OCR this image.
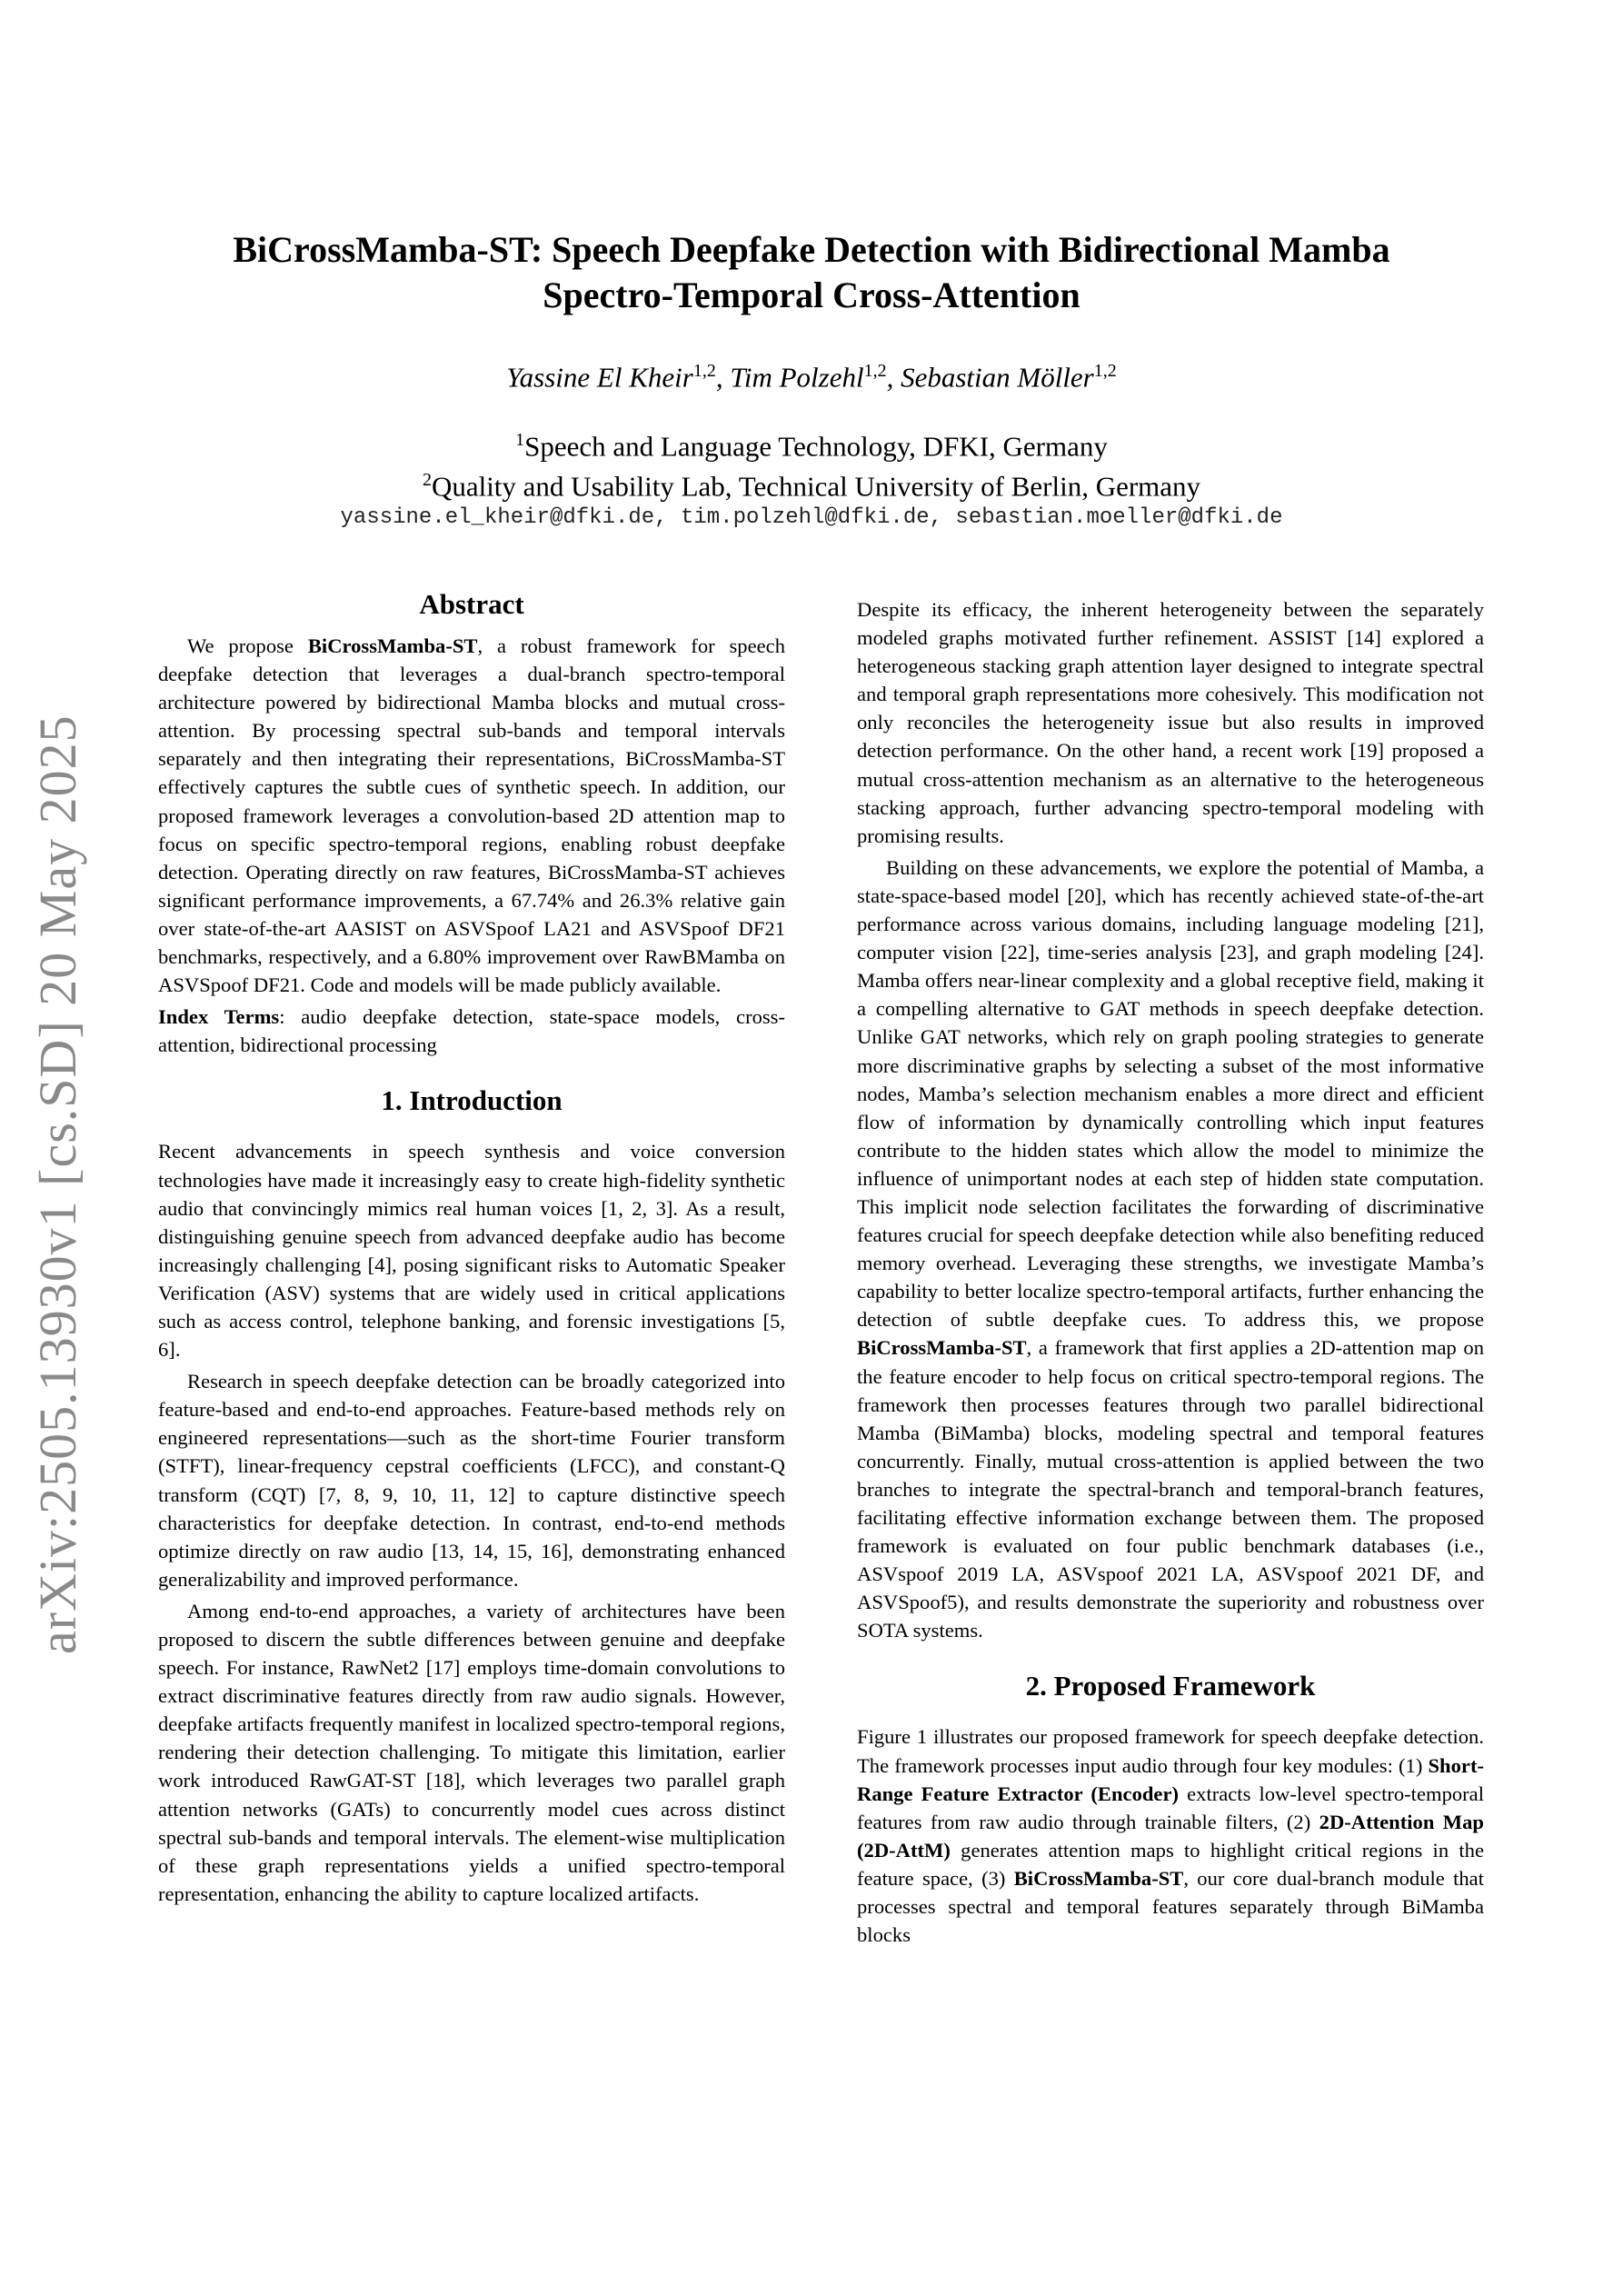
arXiv:2505.13930v1 [cs.SD] 20 May 2025
BiCrossMamba-ST: Speech Deepfake Detection with Bidirectional Mamba
Spectro-Temporal Cross-Attention
Yassine El Kheir$^{1,2}$, Tim Polzehl$^{1,2}$, Sebastian Möller$^{1,2}$
$^1$Speech and Language Technology, DFKI, Germany
$^2$Quality and Usability Lab, Technical University of Berlin, Germany
yassine.el_kheir@dfki.de, tim.polzehl@dfki.de, sebastian.moeller@dfki.de
Abstract

We propose BiCrossMamba-ST, a robust framework for speech deepfake detection that leverages a dual-branch spectro-temporal architecture powered by bidirectional Mamba blocks and mutual cross-attention. By processing spectral sub-bands and temporal intervals separately and then integrating their representations, BiCrossMamba-ST effectively captures the subtle cues of synthetic speech. In addition, our proposed framework leverages a convolution-based 2D attention map to focus on specific spectro-temporal regions, enabling robust deepfake detection. Operating directly on raw features, BiCrossMamba-ST achieves significant performance improvements, a 67.74% and 26.3% relative gain over state-of-the-art AASIST on ASVSpoof LA21 and ASVSpoof DF21 benchmarks, respectively, and a 6.80% improvement over RawBMamba on ASVSpoof DF21. Code and models will be made publicly available.

Index Terms: audio deepfake detection, state-space models, cross-attention, bidirectional processing

1. Introduction

Recent advancements in speech synthesis and voice conversion technologies have made it increasingly easy to create high-fidelity synthetic audio that convincingly mimics real human voices [1, 2, 3]. As a result, distinguishing genuine speech from advanced deepfake audio has become increasingly challenging [4], posing significant risks to Automatic Speaker Verification (ASV) systems that are widely used in critical applications such as access control, telephone banking, and forensic investigations [5, 6].

Research in speech deepfake detection can be broadly categorized into feature-based and end-to-end approaches. Feature-based methods rely on engineered representations—such as the short-time Fourier transform (STFT), linear-frequency cepstral coefficients (LFCC), and constant-Q transform (CQT) [7, 8, 9, 10, 11, 12] to capture distinctive speech characteristics for deepfake detection. In contrast, end-to-end methods optimize directly on raw audio [13, 14, 15, 16], demonstrating enhanced generalizability and improved performance.

Among end-to-end approaches, a variety of architectures have been proposed to discern the subtle differences between genuine and deepfake speech. For instance, RawNet2 [17] employs time-domain convolutions to extract discriminative features directly from raw audio signals. However, deepfake artifacts frequently manifest in localized spectro-temporal regions, rendering their detection challenging. To mitigate this limitation, earlier work introduced RawGAT-ST [18], which leverages two parallel graph attention networks (GATs) to concurrently model cues across distinct spectral sub-bands and temporal intervals. The element-wise multiplication of these graph representations yields a unified spectro-temporal representation, enhancing the ability to capture localized artifacts.

Despite its efficacy, the inherent heterogeneity between the separately modeled graphs motivated further refinement. ASSIST [14] explored a heterogeneous stacking graph attention layer designed to integrate spectral and temporal graph representations more cohesively. This modification not only reconciles the heterogeneity issue but also results in improved detection performance. On the other hand, a recent work [19] proposed a mutual cross-attention mechanism as an alternative to the heterogeneous stacking approach, further advancing spectro-temporal modeling with promising results.

Building on these advancements, we explore the potential of Mamba, a state-space-based model [20], which has recently achieved state-of-the-art performance across various domains, including language modeling [21], computer vision [22], time-series analysis [23], and graph modeling [24]. Mamba offers near-linear complexity and a global receptive field, making it a compelling alternative to GAT methods in speech deepfake detection. Unlike GAT networks, which rely on graph pooling strategies to generate more discriminative graphs by selecting a subset of the most informative nodes, Mamba’s selection mechanism enables a more direct and efficient flow of information by dynamically controlling which input features contribute to the hidden states which allow the model to minimize the influence of unimportant nodes at each step of hidden state computation. This implicit node selection facilitates the forwarding of discriminative features crucial for speech deepfake detection while also benefiting reduced memory overhead. Leveraging these strengths, we investigate Mamba’s capability to better localize spectro-temporal artifacts, further enhancing the detection of subtle deepfake cues. To address this, we propose BiCrossMamba-ST, a framework that first applies a 2D-attention map on the feature encoder to help focus on critical spectro-temporal regions. The framework then processes features through two parallel bidirectional Mamba (BiMamba) blocks, modeling spectral and temporal features concurrently. Finally, mutual cross-attention is applied between the two branches to integrate the spectral-branch and temporal-branch features, facilitating effective information exchange between them. The proposed framework is evaluated on four public benchmark databases (i.e., ASVspoof 2019 LA, ASVspoof 2021 LA, ASVspoof 2021 DF, and ASVSpoof5), and results demonstrate the superiority and robustness over SOTA systems.

2. Proposed Framework

Figure 1 illustrates our proposed framework for speech deepfake detection. The framework processes input audio through four key modules: (1) Short-Range Feature Extractor (Encoder) extracts low-level spectro-temporal features from raw audio through trainable filters, (2) 2D-Attention Map (2D-AttM) generates attention maps to highlight critical regions in the feature space, (3) BiCrossMamba-ST, our core dual-branch module that processes spectral and temporal features separately through BiMamba blocks
